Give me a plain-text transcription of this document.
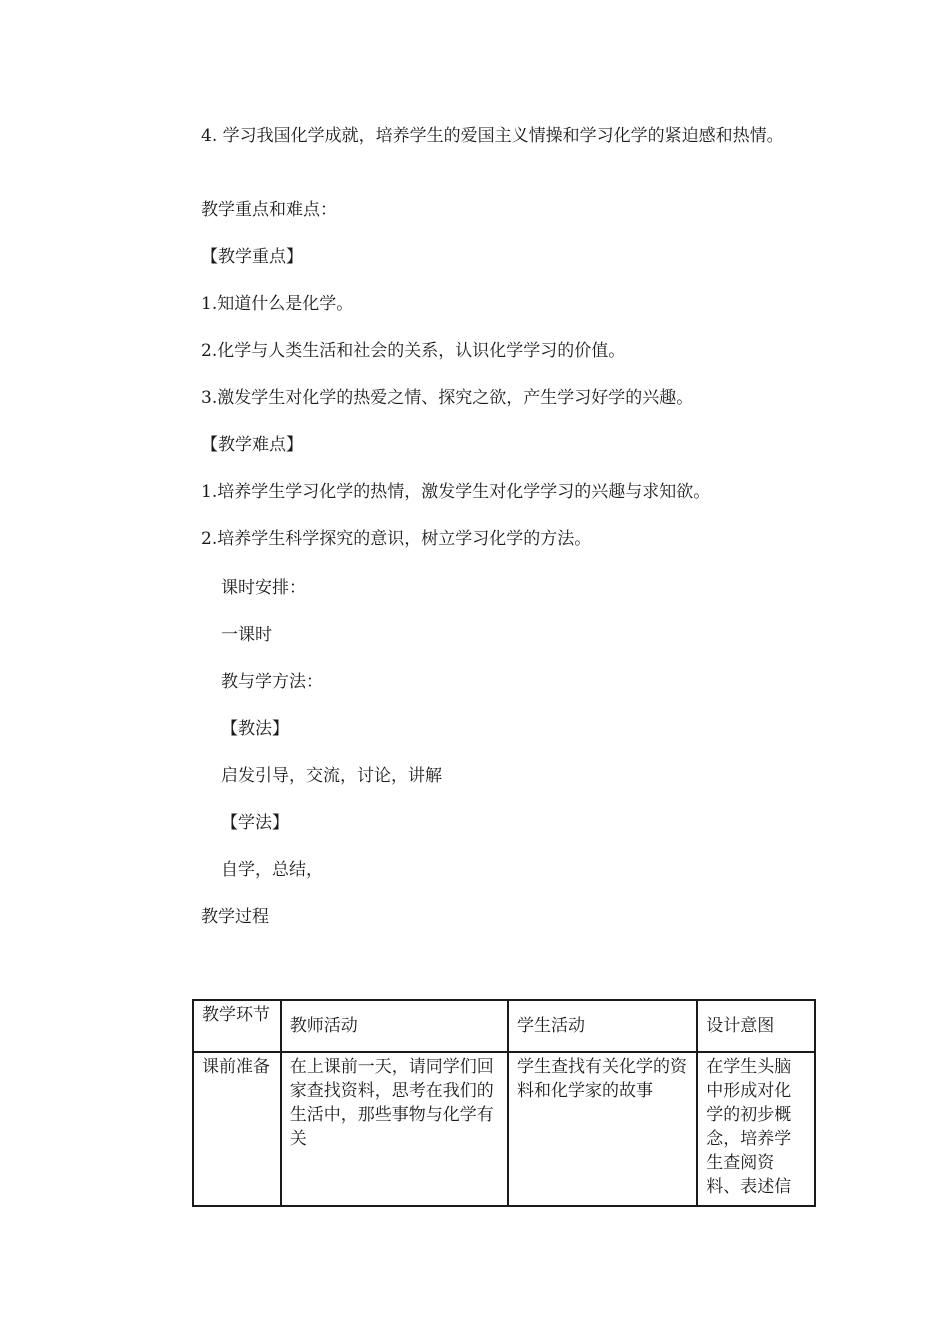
4. 学习我国化学成就，培养学生的爱国主义情操和学习化学的紧迫感和热情。

教学重点和难点：

【教学重点】

1.知道什么是化学。

2.化学与人类生活和社会的关系，认识化学学习的价值。

3.激发学生对化学的热爱之情、探究之欲，产生学习好学的兴趣。

【教学难点】

1.培养学生学习化学的热情，激发学生对化学学习的兴趣与求知欲。

2.培养学生科学探究的意识，树立学习化学的方法。

课时安排：

一课时

教与学方法：

【教法】

启发引导，交流，讨论，讲解

【学法】

自学，总结，

教学过程

教学环节	教师活动	学生活动	设计意图
课前准备	在上课前一天，请同学们回家查找资料，思考在我们的生活中，那些事物与化学有关	学生查找有关化学的资料和化学家的故事	在学生头脑中形成对化学的初步概念，培养学生查阅资料、表述信
